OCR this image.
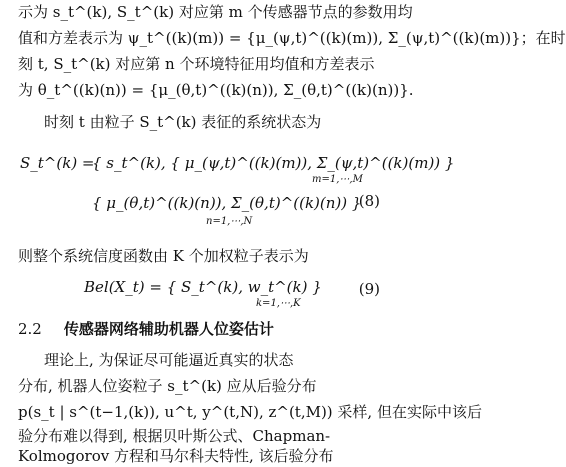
示为 s_t^(k), S_t^(k) 对应第 m 个传感器节点的参数用均
值和方差表示为 ψ_t^((k)(m)) = {μ_(ψ,t)^((k)(m)), Σ_(ψ,t)^((k)(m))}；在时
刻 t, S_t^(k) 对应第 n 个环境特征用均值和方差表示
为 θ_t^((k)(n)) = {μ_(θ,t)^((k)(n)), Σ_(θ,t)^((k)(n))}.
时刻 t 由粒子 S_t^(k) 表征的系统状态为
S_t^(k) =
{ s_t^(k), { μ_(ψ,t)^((k)(m)), Σ_(ψ,t)^((k)(m)) }
m=1,⋯,M
{ μ_(θ,t)^((k)(n)), Σ_(θ,t)^((k)(n)) }
n=1,⋯,N
(8)
则整个系统信度函数由 K 个加权粒子表示为
Bel(X_t) = { S_t^(k), w_t^(k) }
k=1,⋯,K
(9)
2.2 传感器网络辅助机器人位姿估计
理论上, 为保证尽可能逼近真实的状态
分布, 机器人位姿粒子 s_t^(k) 应从后验分布
p(s_t | s^(t−1,(k)), u^t, y^(t,N), z^(t,M)) 采样, 但在实际中该后
验分布难以得到, 根据贝叶斯公式、Chapman-
Kolmogorov 方程和马尔科夫特性, 该后验分布
